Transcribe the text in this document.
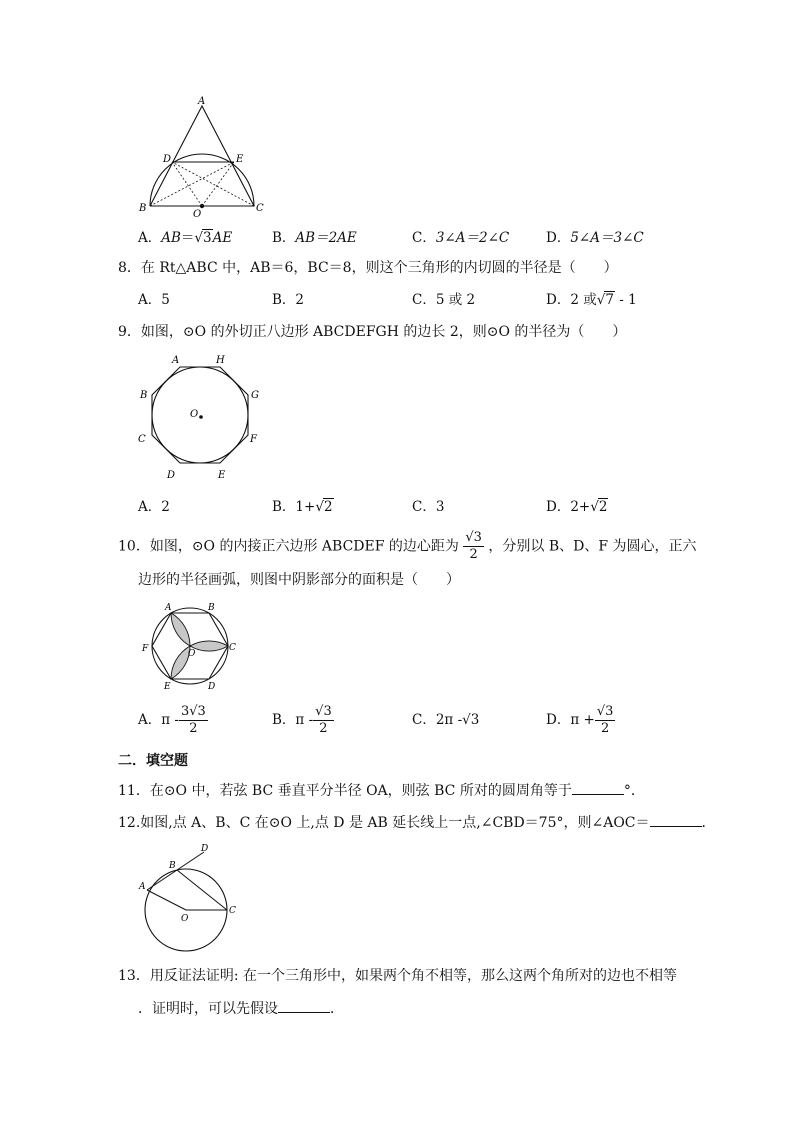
A
D	E
B
O
C
A．AB＝√3AE	B．AB＝2AE	C．3∠A＝2∠C	D．5∠A＝3∠C
8．在 Rt△ABC 中，AB＝6，BC＝8，则这个三角形的内切圆的半径是（　　）
A．5	B．2	C．5 或 2	D．2 或√7 - 1
9．如图，⊙O 的外切正八边形 ABCDEFGH 的边长 2，则⊙O 的半径为（　　）
A	H
B	G
O
C	F
D	E
A．2	B．1+√2	C．3	D．2+√2
10．如图，⊙O 的内接正六边形 ABCDEF 的边心距为 $\frac{√3}{2}$ ，分别以 B、D、F 为圆心，正六
边形的半径画弧，则图中阴影部分的面积是（　　）
A	B
C
D
E
F	O
A．π - $\frac{3√3}{2}$	B．π - $\frac{√3}{2}$	C．2π -√3	D．$\pi + \frac{√3}{2}$
二．填空题
11．在⊙O 中，若弦 BC 垂直平分半径 OA，则弦 BC 所对的圆周角等于	°．
12.如图,点 A、B、C 在⊙O 上,点 D 是 AB 延长线上一点,∠CBD＝75°，则∠AOC＝	．
D
B
A
O
C
13．用反证法证明: 在一个三角形中，如果两个角不相等，那么这两个角所对的边也不相等
．证明时，可以先假设	．
